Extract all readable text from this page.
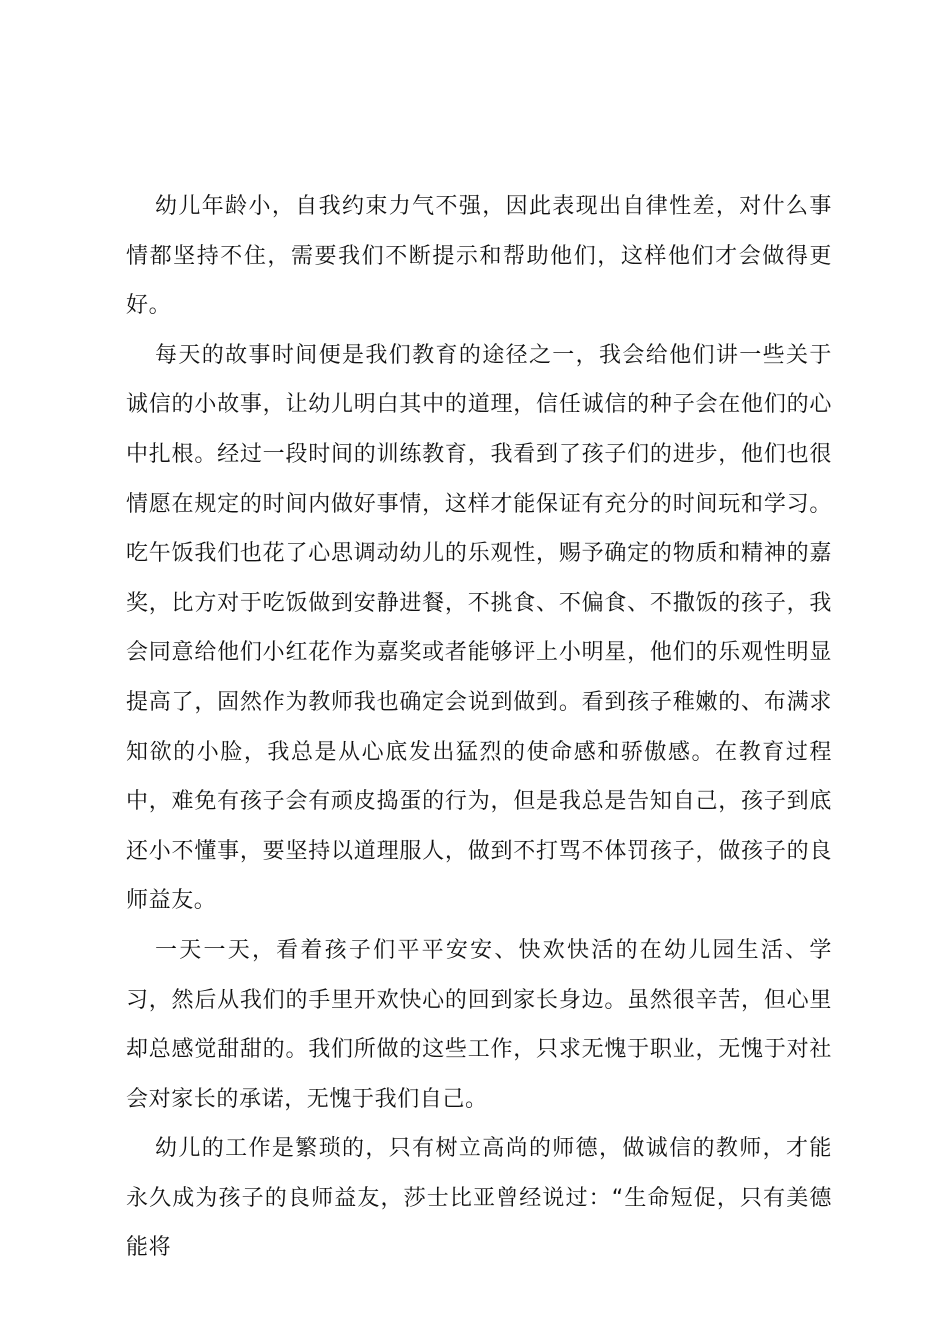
幼儿年龄小，自我约束力气不强，因此表现出自律性差，对什么事情都坚持不住，需要我们不断提示和帮助他们，这样他们才会做得更好。

每天的故事时间便是我们教育的途径之一，我会给他们讲一些关于诚信的小故事，让幼儿明白其中的道理，信任诚信的种子会在他们的心中扎根。经过一段时间的训练教育，我看到了孩子们的进步，他们也很情愿在规定的时间内做好事情，这样才能保证有充分的时间玩和学习。吃午饭我们也花了心思调动幼儿的乐观性，赐予确定的物质和精神的嘉奖，比方对于吃饭做到安静进餐，不挑食、不偏食、不撒饭的孩子，我会同意给他们小红花作为嘉奖或者能够评上小明星，他们的乐观性明显提高了，固然作为教师我也确定会说到做到。看到孩子稚嫩的、布满求知欲的小脸，我总是从心底发出猛烈的使命感和骄傲感。在教育过程中，难免有孩子会有顽皮捣蛋的行为，但是我总是告知自己，孩子到底还小不懂事，要坚持以道理服人，做到不打骂不体罚孩子，做孩子的良师益友。

一天一天，看着孩子们平平安安、快欢快活的在幼儿园生活、学习，然后从我们的手里开欢快心的回到家长身边。虽然很辛苦，但心里却总感觉甜甜的。我们所做的这些工作，只求无愧于职业，无愧于对社会对家长的承诺，无愧于我们自己。

幼儿的工作是繁琐的，只有树立高尚的师德，做诚信的教师，才能永久成为孩子的良师益友，莎士比亚曾经说过：“生命短促，只有美德能将
